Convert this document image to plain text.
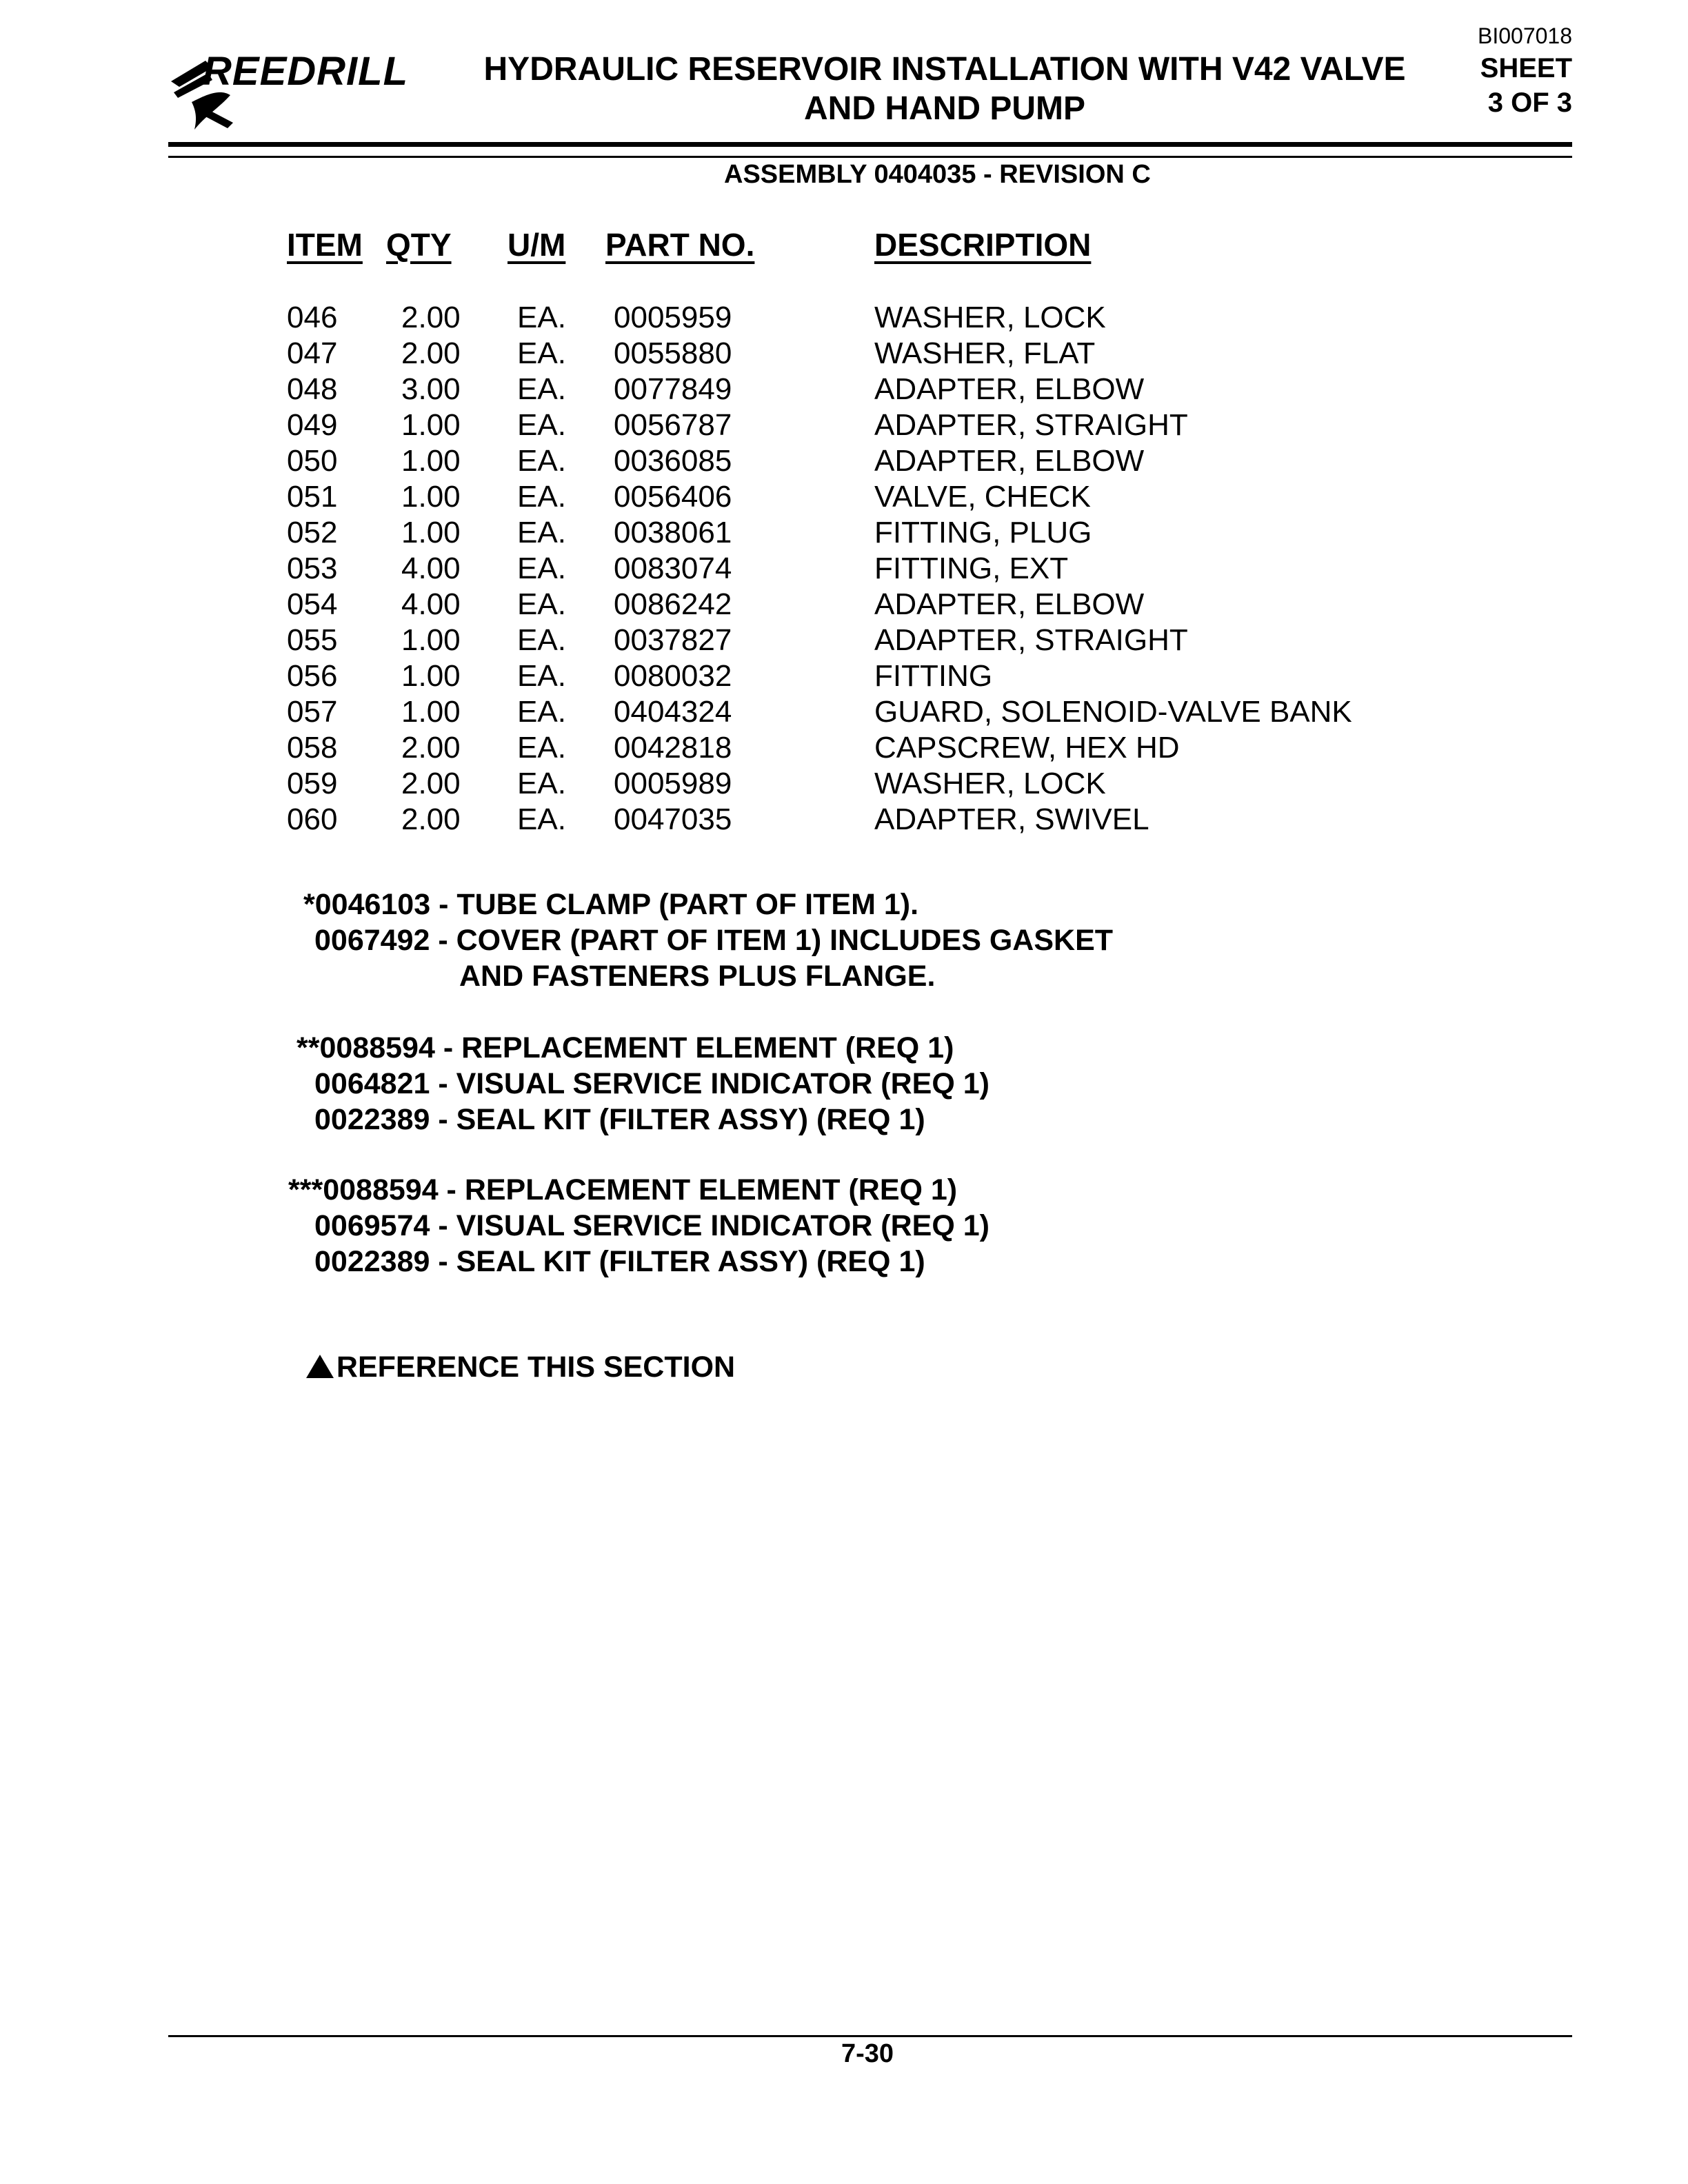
REEDRILL	HYDRAULIC RESERVOIR INSTALLATION WITH V42 VALVE
AND HAND PUMP
BI007018
SHEET
3 OF 3
ASSEMBLY 0404035 - REVISION C
ITEM QTY U/M PART NO.	DESCRIPTION
046 2.00 EA. 0005959	WASHER, LOCK
047 2.00 EA. 0055880	WASHER, FLAT
048 3.00 EA. 0077849	ADAPTER, ELBOW
049 1.00 EA. 0056787	ADAPTER, STRAIGHT
050 1.00 EA. 0036085	ADAPTER, ELBOW
051 1.00 EA. 0056406	VALVE, CHECK
052 1.00 EA. 0038061	FITTING, PLUG
053 4.00 EA. 0083074	FITTING, EXT
054 4.00 EA. 0086242	ADAPTER, ELBOW
055 1.00 EA. 0037827	ADAPTER, STRAIGHT
056 1.00 EA. 0080032	FITTING
057 1.00 EA. 0404324	GUARD, SOLENOID-VALVE BANK
058 2.00 EA. 0042818	CAPSCREW, HEX HD
059 2.00 EA. 0005989	WASHER, LOCK
060 2.00 EA. 0047035	ADAPTER, SWIVEL
*0046103 - TUBE CLAMP (PART OF ITEM 1).
0067492 - COVER (PART OF ITEM 1) INCLUDES GASKET
AND FASTENERS PLUS FLANGE.
**0088594 - REPLACEMENT ELEMENT (REQ 1)
0064821 - VISUAL SERVICE INDICATOR (REQ 1)
0022389 - SEAL KIT (FILTER ASSY) (REQ 1)
***0088594 - REPLACEMENT ELEMENT (REQ 1)
0069574 - VISUAL SERVICE INDICATOR (REQ 1)
0022389 - SEAL KIT (FILTER ASSY) (REQ 1)

REFERENCE THIS SECTION

7-30
